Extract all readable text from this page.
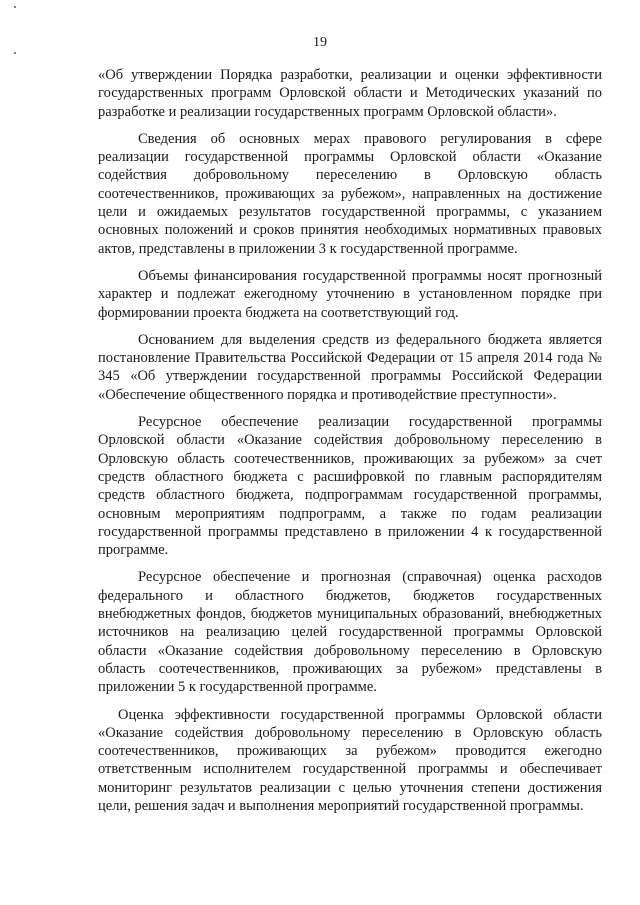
19

«Об утверждении Порядка разработки, реализации и оценки эффективности государственных программ Орловской области и Методических указаний по разработке и реализации государственных программ Орловской области».

Сведения об основных мерах правового регулирования в сфере реализации государственной программы Орловской области «Оказание содействия добровольному переселению в Орловскую область соотечественников, проживающих за рубежом», направленных на достижение цели и ожидаемых результатов государственной программы, с указанием основных положений и сроков принятия необходимых нормативных правовых актов, представлены в приложении 3 к государственной программе.

Объемы финансирования государственной программы носят прогнозный характер и подлежат ежегодному уточнению в установленном порядке при формировании проекта бюджета на соответствующий год.

Основанием для выделения средств из федерального бюджета является постановление Правительства Российской Федерации от 15 апреля 2014 года № 345 «Об утверждении государственной программы Российской Федерации «Обеспечение общественного порядка и противодействие преступности».

Ресурсное обеспечение реализации государственной программы Орловской области «Оказание содействия добровольному переселению в Орловскую область соотечественников, проживающих за рубежом» за счет средств областного бюджета с расшифровкой по главным распорядителям средств областного бюджета, подпрограммам государственной программы, основным мероприятиям подпрограмм, а также по годам реализации государственной программы представлено в приложении 4 к государственной программе.

Ресурсное обеспечение и прогнозная (справочная) оценка расходов федерального и областного бюджетов, бюджетов государственных внебюджетных фондов, бюджетов муниципальных образований, внебюджетных источников на реализацию целей государственной программы Орловской области «Оказание содействия добровольному переселению в Орловскую область соотечественников, проживающих за рубежом» представлены в приложении 5 к государственной программе.

Оценка эффективности государственной программы Орловской области «Оказание содействия добровольному переселению в Орловскую область соотечественников, проживающих за рубежом» проводится ежегодно ответственным исполнителем государственной программы и обеспечивает мониторинг результатов реализации с целью уточнения степени достижения цели, решения задач и выполнения мероприятий государственной программы.
